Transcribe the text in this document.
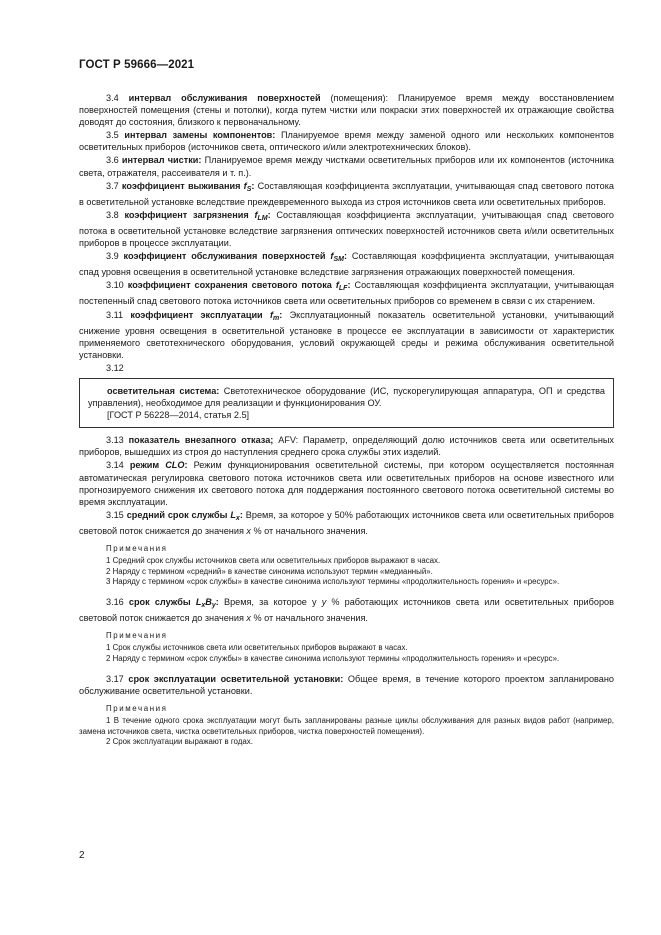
ГОСТ Р 59666—2021

3.4 интервал обслуживания поверхностей (помещения): Планируемое время между восстановлением поверхностей помещения (стены и потолки), когда путем чистки или покраски этих поверхностей их отражающие свойства доводят до состояния, близкого к первоначальному.

3.5 интервал замены компонентов: Планируемое время между заменой одного или нескольких компонентов осветительных приборов (источников света, оптического и/или электротехнических блоков).

3.6 интервал чистки: Планируемое время между чистками осветительных приборов или их компонентов (источника света, отражателя, рассеивателя и т. п.).

3.7 коэффициент выживания $f_S$: Составляющая коэффициента эксплуатации, учитывающая спад светового потока в осветительной установке вследствие преждевременного выхода из строя источников света или осветительных приборов.

3.8 коэффициент загрязнения $f_{LM}$: Составляющая коэффициента эксплуатации, учитывающая спад светового потока в осветительной установке вследствие загрязнения оптических поверхностей источников света и/или осветительных приборов в процессе эксплуатации.

3.9 коэффициент обслуживания поверхностей $f_{SM}$: Составляющая коэффициента эксплуатации, учитывающая спад уровня освещения в осветительной установке вследствие загрязнения отражающих поверхностей помещения.

3.10 коэффициент сохранения светового потока $f_{LF}$: Составляющая коэффициента эксплуатации, учитывающая постепенный спад светового потока источников света или осветительных приборов со временем в связи с их старением.

3.11 коэффициент эксплуатации $f_m$: Эксплуатационный показатель осветительной установки, учитывающий снижение уровня освещения в осветительной установке в процессе ее эксплуатации в зависимости от характеристик применяемого светотехнического оборудования, условий окружающей среды и режима обслуживания осветительной установки.

3.12

осветительная система: Светотехническое оборудование (ИС, пускорегулирующая аппаратура, ОП и средства управления), необходимое для реализации и функционирования ОУ.

[ГОСТ Р 56228—2014, статья 2.5]

3.13 показатель внезапного отказа; AFV: Параметр, определяющий долю источников света или осветительных приборов, вышедших из строя до наступления среднего срока службы этих изделий.

3.14 режим CLO: Режим функционирования осветительной системы, при котором осуществляется постоянная автоматическая регулировка светового потока источников света или осветительных приборов на основе известного или прогнозируемого снижения их светового потока для поддержания постоянного светового потока осветительной системы во время эксплуатации.

3.15 средний срок службы $L_x$: Время, за которое у 50% работающих источников света или осветительных приборов световой поток снижается до значения x % от начального значения.

Примечания

1 Средний срок службы источников света или осветительных приборов выражают в часах.

2 Наряду с термином «средний» в качестве синонима используют термин «медианный».

3 Наряду с термином «срок службы» в качестве синонима используют термины «продолжительность горения» и «ресурс».

3.16 срок службы $L_xB_y$: Время, за которое у y % работающих источников света или осветительных приборов световой поток снижается до значения x % от начального значения.

Примечания

1 Срок службы источников света или осветительных приборов выражают в часах.

2 Наряду с термином «срок службы» в качестве синонима используют термины «продолжительность горения» и «ресурс».

3.17 срок эксплуатации осветительной установки: Общее время, в течение которого проектом запланировано обслуживание осветительной установки.

Примечания

1 В течение одного срока эксплуатации могут быть запланированы разные циклы обслуживания для разных видов работ (например, замена источников света, чистка осветительных приборов, чистка поверхностей помещения).

2 Срок эксплуатации выражают в годах.

2
